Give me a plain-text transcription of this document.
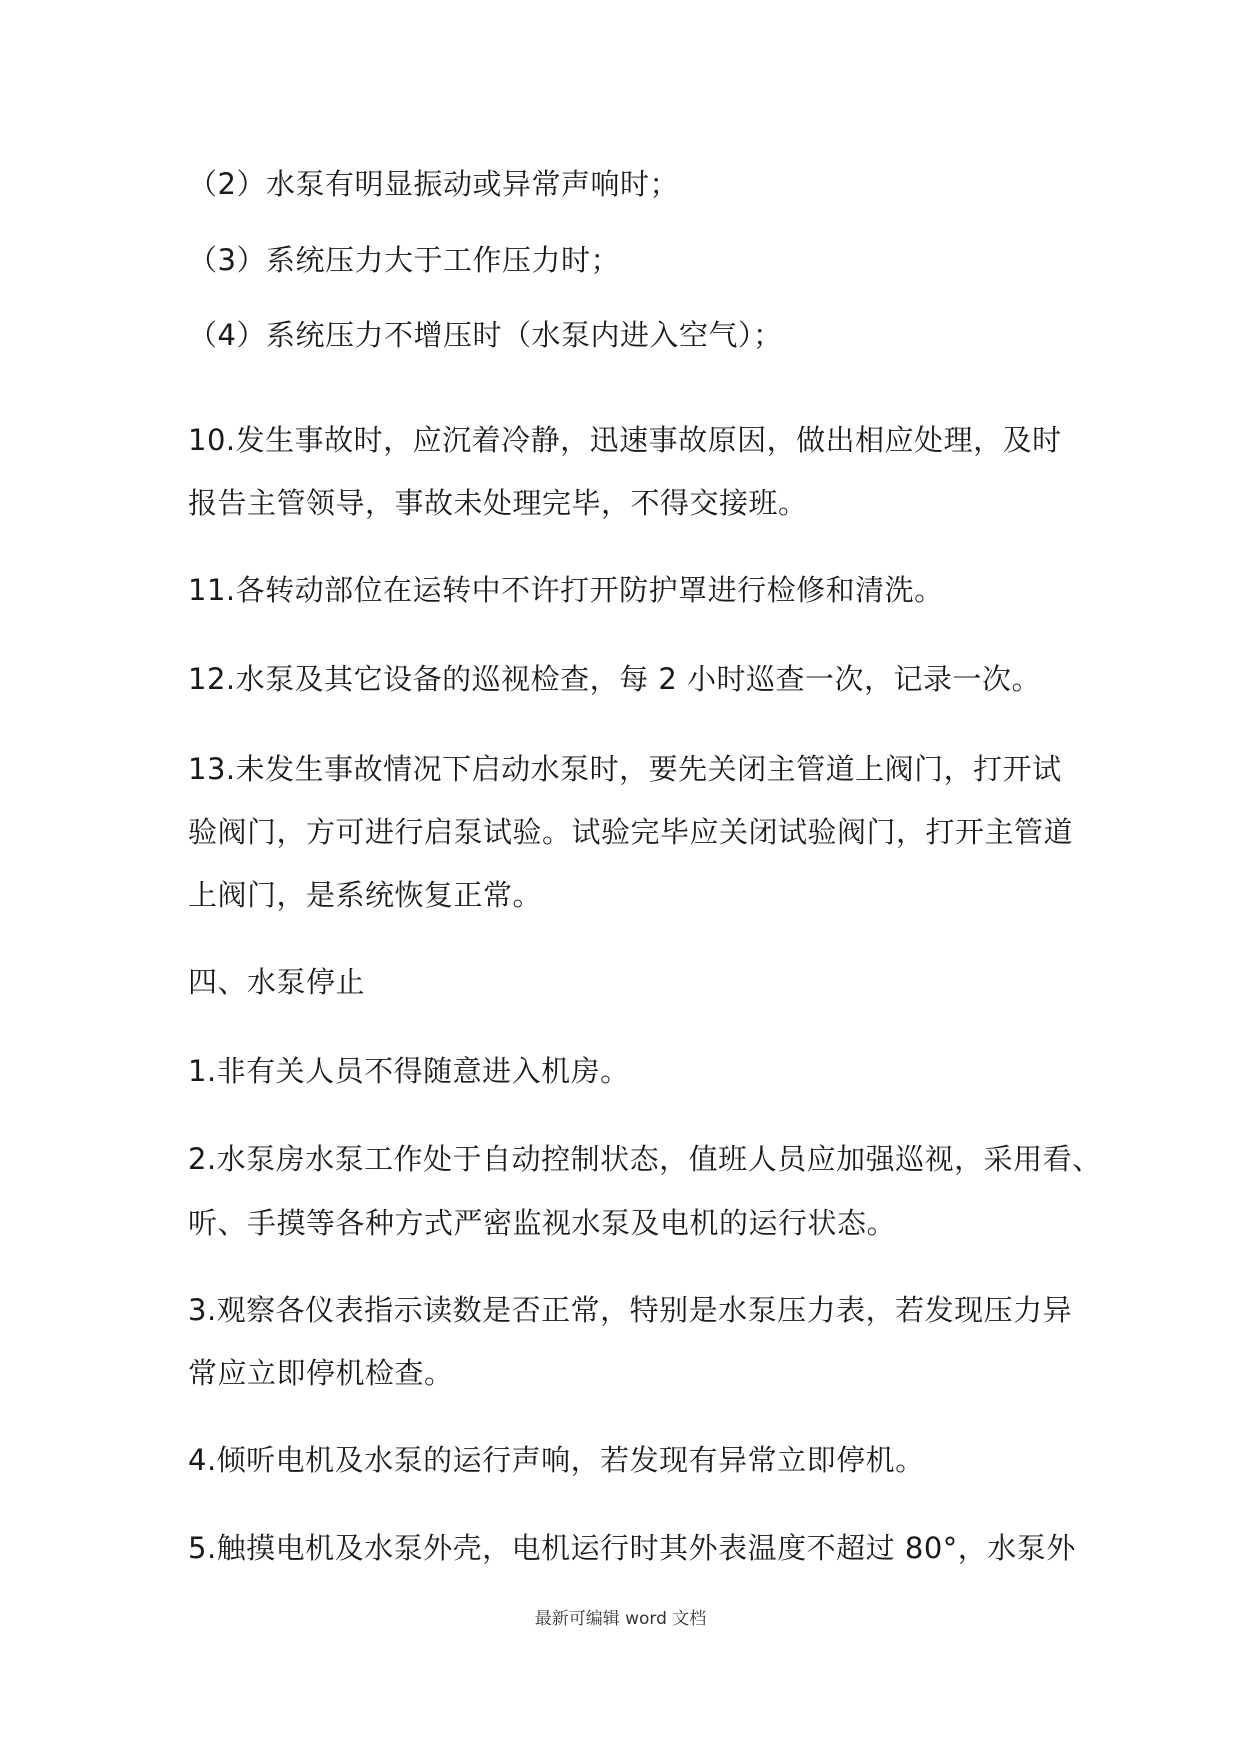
（2）水泵有明显振动或异常声响时；
（3）系统压力大于工作压力时；
（4）系统压力不增压时（水泵内进入空气）；
10.发生事故时，应沉着冷静，迅速事故原因，做出相应处理，及时
报告主管领导，事故未处理完毕，不得交接班。
11.各转动部位在运转中不许打开防护罩进行检修和清洗。
12.水泵及其它设备的巡视检查，每 2 小时巡查一次，记录一次。
13.未发生事故情况下启动水泵时，要先关闭主管道上阀门，打开试
验阀门，方可进行启泵试验。试验完毕应关闭试验阀门，打开主管道
上阀门，是系统恢复正常。
四、水泵停止
1.非有关人员不得随意进入机房。
2.水泵房水泵工作处于自动控制状态，值班人员应加强巡视，采用看、
听、手摸等各种方式严密监视水泵及电机的运行状态。
3.观察各仪表指示读数是否正常，特别是水泵压力表，若发现压力异
常应立即停机检查。
4.倾听电机及水泵的运行声响，若发现有异常立即停机。
5.触摸电机及水泵外壳，电机运行时其外表温度不超过 80°，水泵外
最新可编辑 word 文档
